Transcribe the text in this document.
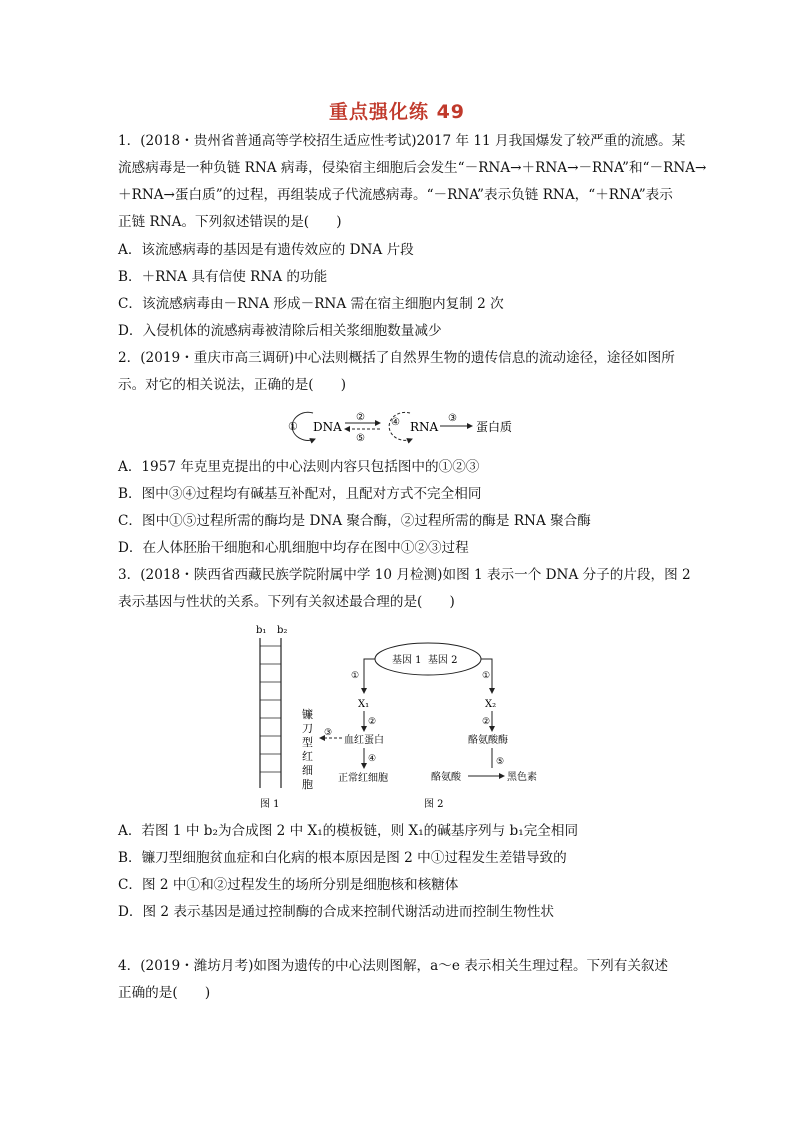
重点强化练 49
1．(2018・贵州省普通高等学校招生适应性考试)2017 年 11 月我国爆发了较严重的流感。某
流感病毒是一种负链 RNA 病毒，侵染宿主细胞后会发生“－RNA→＋RNA→－RNA”和“－RNA→
＋RNA→蛋白质”的过程，再组装成子代流感病毒。“－RNA”表示负链 RNA，“＋RNA”表示
正链 RNA。下列叙述错误的是(　　)
A．该流感病毒的基因是有遗传效应的 DNA 片段
B．＋RNA 具有信使 RNA 的功能
C．该流感病毒由－RNA 形成－RNA 需在宿主细胞内复制 2 次
D．入侵机体的流感病毒被清除后相关浆细胞数量减少
2．(2019・重庆市高三调研)中心法则概括了自然界生物的遗传信息的流动途径，途径如图所
示。对它的相关说法，正确的是(　　)
① DNA
②
⑤
④ RNA
③
蛋白质
A．1957 年克里克提出的中心法则内容只包括图中的①②③
B．图中③④过程均有碱基互补配对，且配对方式不完全相同
C．图中①⑤过程所需的酶均是 DNA 聚合酶，②过程所需的酶是 RNA 聚合酶
D．在人体胚胎干细胞和心肌细胞中均存在图中①②③过程
3．(2018・陕西省西藏民族学院附属中学 10 月检测)如图 1 表示一个 DNA 分子的片段，图 2
表示基因与性状的关系。下列有关叙述最合理的是(　　)
b₁ b₂
图 1
基因 1  基因 2
①
X₁
②
血红蛋白
③
④
正常红细胞
镰
刀
型
红
细
胞
①
X₂
②
酪氨酸酶
⑤
酪氨酸	黑色素
图 2
A．若图 1 中 b₂为合成图 2 中 X₁的模板链，则 X₁的碱基序列与 b₁完全相同
B．镰刀型细胞贫血症和白化病的根本原因是图 2 中①过程发生差错导致的
C．图 2 中①和②过程发生的场所分别是细胞核和核糖体
D．图 2 表示基因是通过控制酶的合成来控制代谢活动进而控制生物性状
4．(2019・潍坊月考)如图为遗传的中心法则图解，a～e 表示相关生理过程。下列有关叙述
正确的是(　　)
